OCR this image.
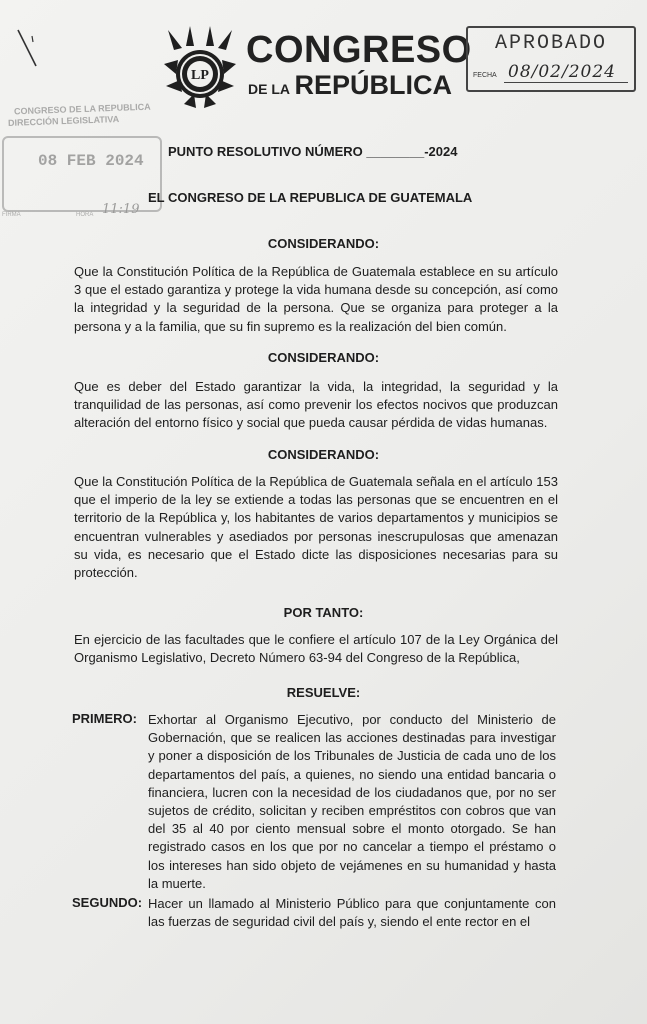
LP
CONGRESO
DE LA REPÚBLICA
APROBADO
FECHA 08/02/2024
CONGRESO DE LA REPUBLICA
DIRECCIÓN LEGISLATIVA
08 FEB 2024
FIRMA	HORA 11:19
PUNTO RESOLUTIVO NÚMERO ________-2024
EL CONGRESO DE LA REPUBLICA DE GUATEMALA
CONSIDERANDO:

Que la Constitución Política de la República de Guatemala establece en su artículo 3 que el estado garantiza y protege la vida humana desde su concepción, así como la integridad y la seguridad de la persona. Que se organiza para proteger a la persona y a la familia, que su fin supremo es la realización del bien común.

CONSIDERANDO:

Que es deber del Estado garantizar la vida, la integridad, la seguridad y la tranquilidad de las personas, así como prevenir los efectos nocivos que produzcan alteración del entorno físico y social que pueda causar pérdida de vidas humanas.

CONSIDERANDO:

Que la Constitución Política de la República de Guatemala señala en el artículo 153 que el imperio de la ley se extiende a todas las personas que se encuentren en el territorio de la República y, los habitantes de varios departamentos y municipios se encuentran vulnerables y asediados por personas inescrupulosas que amenazan su vida, es necesario que el Estado dicte las disposiciones necesarias para su protección.

POR TANTO:

En ejercicio de las facultades que le confiere el artículo 107 de la Ley Orgánica del Organismo Legislativo, Decreto Número 63-94 del Congreso de la República,

RESUELVE:
PRIMERO: Exhortar al Organismo Ejecutivo, por conducto del Ministerio de Gobernación, que se realicen las acciones destinadas para investigar y poner a disposición de los Tribunales de Justicia de cada uno de los departamentos del país, a quienes, no siendo una entidad bancaria o financiera, lucren con la necesidad de los ciudadanos que, por no ser sujetos de crédito, solicitan y reciben empréstitos con cobros que van del 35 al 40 por ciento mensual sobre el monto otorgado. Se han registrado casos en los que por no cancelar a tiempo el préstamo o los intereses han sido objeto de vejámenes en su humanidad y hasta la muerte.

SEGUNDO: Hacer un llamado al Ministerio Público para que conjuntamente con las fuerzas de seguridad civil del país y, siendo el ente rector en el
